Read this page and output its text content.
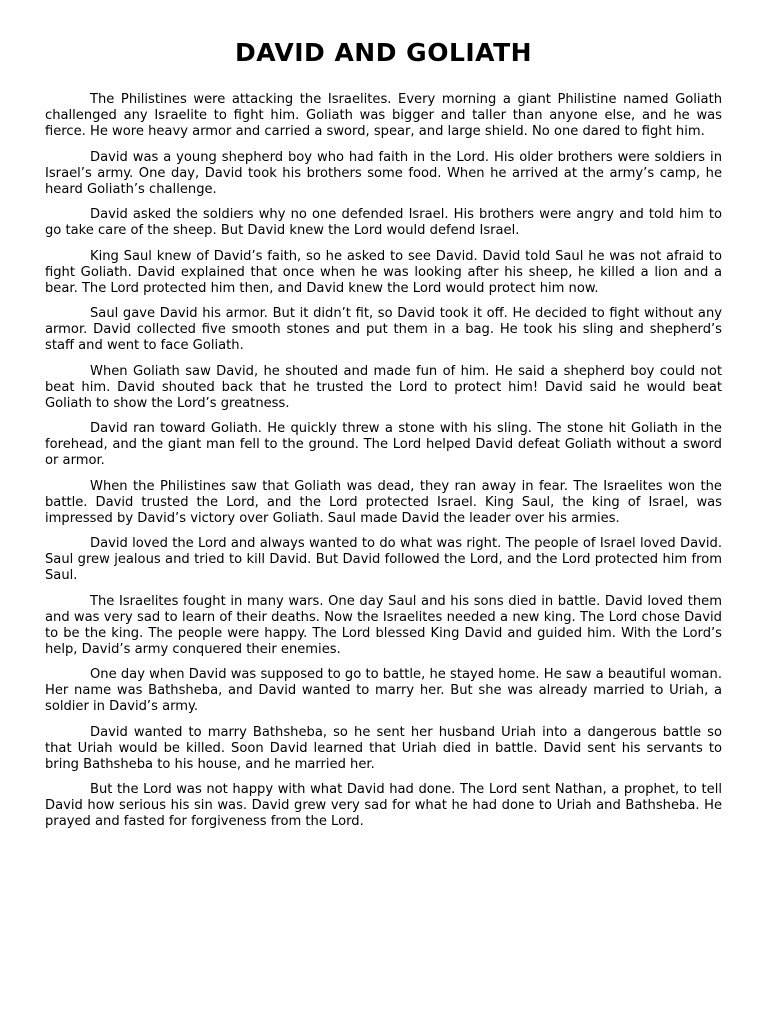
DAVID AND GOLIATH

The Philistines were attacking the Israelites. Every morning a giant Philistine named Goliath challenged any Israelite to fight him. Goliath was bigger and taller than anyone else, and he was fierce. He wore heavy armor and carried a sword, spear, and large shield. No one dared to fight him.

David was a young shepherd boy who had faith in the Lord. His older brothers were soldiers in Israel’s army. One day, David took his brothers some food. When he arrived at the army’s camp, he heard Goliath’s challenge.

David asked the soldiers why no one defended Israel. His brothers were angry and told him to go take care of the sheep. But David knew the Lord would defend Israel.

King Saul knew of David’s faith, so he asked to see David. David told Saul he was not afraid to fight Goliath. David explained that once when he was looking after his sheep, he killed a lion and a bear. The Lord protected him then, and David knew the Lord would protect him now.

Saul gave David his armor. But it didn’t fit, so David took it off. He decided to fight without any armor. David collected five smooth stones and put them in a bag. He took his sling and shepherd’s staff and went to face Goliath.

When Goliath saw David, he shouted and made fun of him. He said a shepherd boy could not beat him. David shouted back that he trusted the Lord to protect him! David said he would beat Goliath to show the Lord’s greatness.

David ran toward Goliath. He quickly threw a stone with his sling. The stone hit Goliath in the forehead, and the giant man fell to the ground. The Lord helped David defeat Goliath without a sword or armor.

When the Philistines saw that Goliath was dead, they ran away in fear. The Israelites won the battle. David trusted the Lord, and the Lord protected Israel. King Saul, the king of Israel, was impressed by David’s victory over Goliath. Saul made David the leader over his armies.

David loved the Lord and always wanted to do what was right. The people of Israel loved David. Saul grew jealous and tried to kill David. But David followed the Lord, and the Lord protected him from Saul.

The Israelites fought in many wars. One day Saul and his sons died in battle. David loved them and was very sad to learn of their deaths. Now the Israelites needed a new king. The Lord chose David to be the king. The people were happy. The Lord blessed King David and guided him. With the Lord’s help, David’s army conquered their enemies.

One day when David was supposed to go to battle, he stayed home. He saw a beautiful woman. Her name was Bathsheba, and David wanted to marry her. But she was already married to Uriah, a soldier in David’s army.

David wanted to marry Bathsheba, so he sent her husband Uriah into a dangerous battle so that Uriah would be killed. Soon David learned that Uriah died in battle. David sent his servants to bring Bathsheba to his house, and he married her.

But the Lord was not happy with what David had done. The Lord sent Nathan, a prophet, to tell David how serious his sin was. David grew very sad for what he had done to Uriah and Bathsheba. He prayed and fasted for forgiveness from the Lord.
